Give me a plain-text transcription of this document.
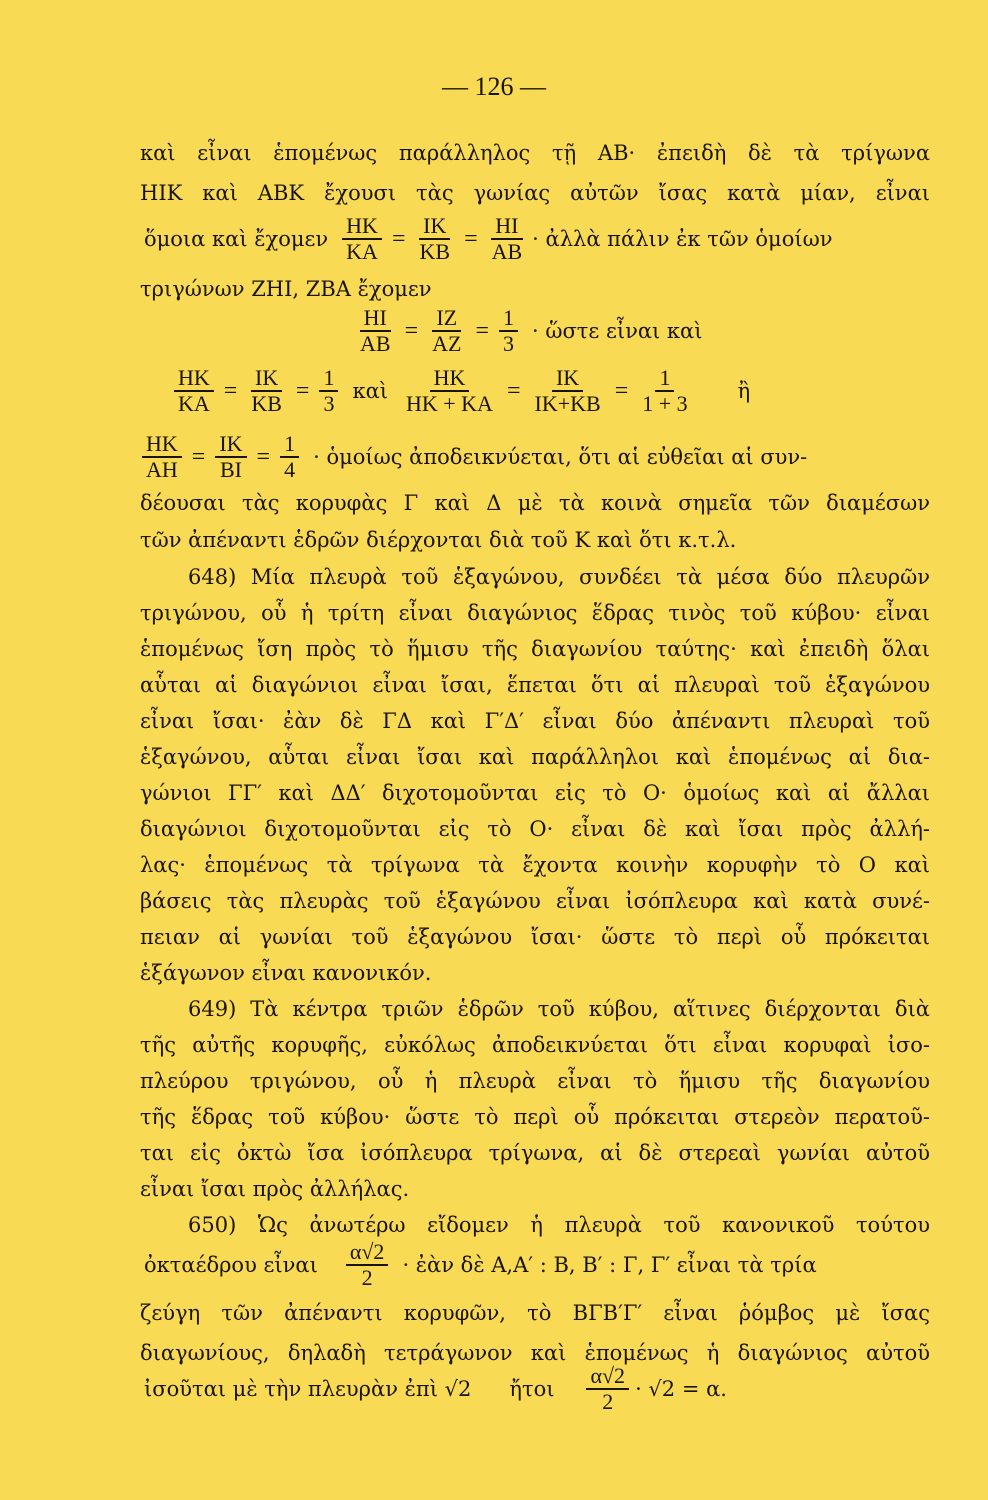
— 126 —
καὶ εἶναι ἑπομένως παράλληλος τῇ ΑΒ· ἐπειδὴ δὲ τὰ τρίγωνα
ΗΙΚ καὶ ΑΒΚ ἔχουσι τὰς γωνίας αὐτῶν ἴσας κατὰ μίαν, εἶναι
ὅμοια καὶ ἔχομεν $\frac{HK}{KA} = \frac{IK}{KB} = \frac{HI}{AB}$ · ἀλλὰ πάλιν ἐκ τῶν ὁμοίων
τριγώνων ΖΗΙ, ΖΒΑ ἔχομεν
$\frac{HI}{AB} = \frac{IZ}{AZ} = \frac{1}{3}$ · ὥστε εἶναι καὶ
$\frac{HK}{KA} = \frac{IK}{KB} = \frac{1}{3}$ καὶ $\frac{HK}{HK + KA} = \frac{IK}{IK+KB} = \frac{1}{1 + 3}$ ἢ
$\frac{HK}{AH} = \frac{IK}{BI} = \frac{1}{4}$ · ὁμοίως ἀποδεικνύεται, ὅτι αἱ εὐθεῖαι αἱ συν-
δέουσαι τὰς κορυφὰς Γ καὶ Δ μὲ τὰ κοινὰ σημεῖα τῶν διαμέσων
τῶν ἀπέναντι ἑδρῶν διέρχονται διὰ τοῦ Κ καὶ ὅτι κ.τ.λ.
648) Μία πλευρὰ τοῦ ἑξαγώνου, συνδέει τὰ μέσα δύο πλευρῶν
τριγώνου, οὗ ἡ τρίτη εἶναι διαγώνιος ἕδρας τινὸς τοῦ κύβου· εἶναι
ἑπομένως ἴση πρὸς τὸ ἥμισυ τῆς διαγωνίου ταύτης· καὶ ἐπειδὴ ὅλαι
αὗται αἱ διαγώνιοι εἶναι ἴσαι, ἕπεται ὅτι αἱ πλευραὶ τοῦ ἑξαγώνου
εἶναι ἴσαι· ἐὰν δὲ ΓΔ καὶ Γ′Δ′ εἶναι δύο ἀπέναντι πλευραὶ τοῦ
ἑξαγώνου, αὗται εἶναι ἴσαι καὶ παράλληλοι καὶ ἑπομένως αἱ δια-
γώνιοι ΓΓ′ καὶ ΔΔ′ διχοτομοῦνται εἰς τὸ Ο· ὁμοίως καὶ αἱ ἄλλαι
διαγώνιοι διχοτομοῦνται εἰς τὸ Ο· εἶναι δὲ καὶ ἴσαι πρὸς ἀλλή-
λας· ἑπομένως τὰ τρίγωνα τὰ ἔχοντα κοινὴν κορυφὴν τὸ Ο καὶ
βάσεις τὰς πλευρὰς τοῦ ἑξαγώνου εἶναι ἰσόπλευρα καὶ κατὰ συνέ-
πειαν αἱ γωνίαι τοῦ ἑξαγώνου ἴσαι· ὥστε τὸ περὶ οὗ πρόκειται
ἑξάγωνον εἶναι κανονικόν.
649) Τὰ κέντρα τριῶν ἑδρῶν τοῦ κύβου, αἵτινες διέρχονται διὰ
τῆς αὐτῆς κορυφῆς, εὐκόλως ἀποδεικνύεται ὅτι εἶναι κορυφαὶ ἰσο-
πλεύρου τριγώνου, οὗ ἡ πλευρὰ εἶναι τὸ ἥμισυ τῆς διαγωνίου
τῆς ἕδρας τοῦ κύβου· ὥστε τὸ περὶ οὗ πρόκειται στερεὸν περατοῦ-
ται εἰς ὀκτὼ ἴσα ἰσόπλευρα τρίγωνα, αἱ δὲ στερεαὶ γωνίαι αὐτοῦ
εἶναι ἴσαι πρὸς ἀλλήλας.
650) Ὡς ἀνωτέρω εἴδομεν ἡ πλευρὰ τοῦ κανονικοῦ τούτου
ὀκταέδρου εἶναι $\frac{\alpha√2}{2}$ · ἐὰν δὲ Α,Α′ : Β, Β′ : Γ, Γ′ εἶναι τὰ τρία
ζεύγη τῶν ἀπέναντι κορυφῶν, τὸ ΒΓΒ′Γ′ εἶναι ῥόμβος μὲ ἴσας
διαγωνίους, δηλαδὴ τετράγωνον καὶ ἑπομένως ἡ διαγώνιος αὐτοῦ
ἰσοῦται μὲ τὴν πλευρὰν ἐπὶ √2 ἤτοι $\frac{\alpha√2}{2} \cdot √2 = \alpha$.
